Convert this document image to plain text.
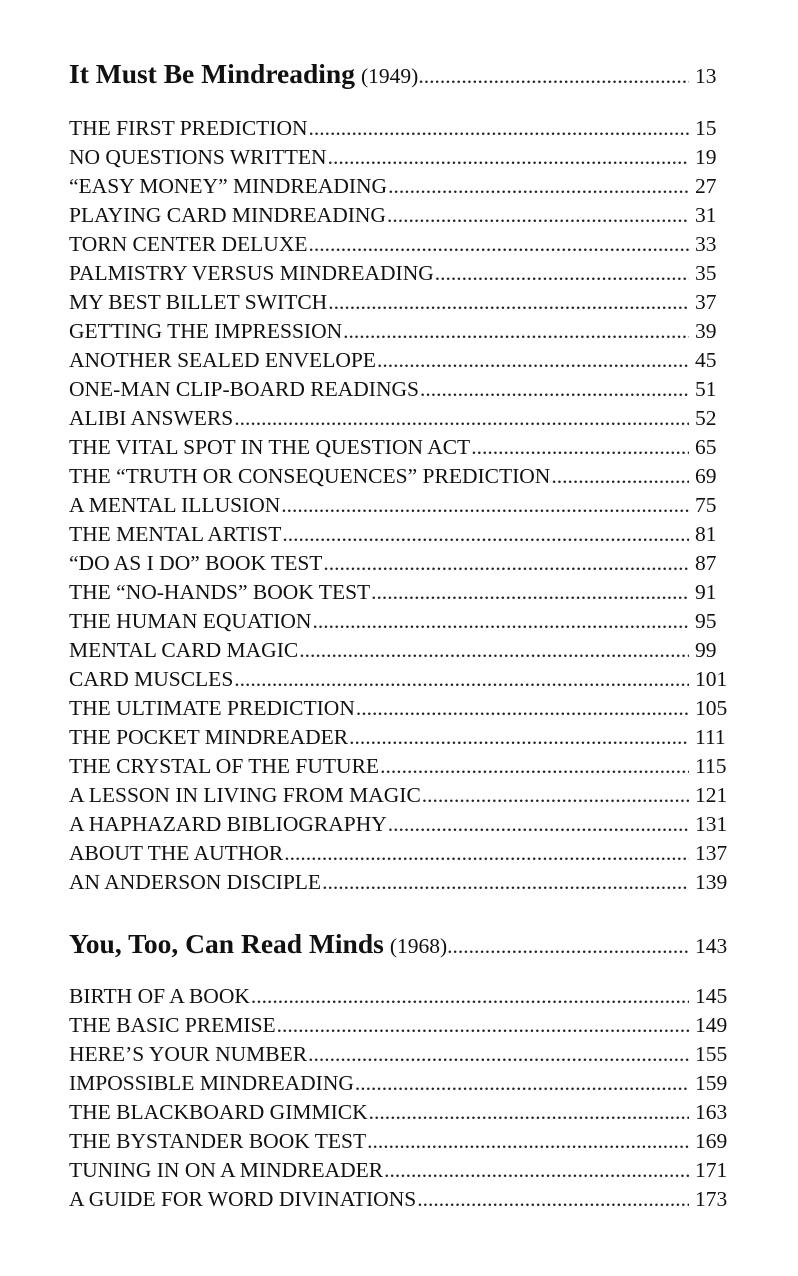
It Must Be Mindreading (1949) .....	13
THE FIRST PREDICTION .....	15
NO QUESTIONS WRITTEN .....	19
“EASY MONEY” MINDREADING .....	27
PLAYING CARD MINDREADING .....	31
TORN CENTER DELUXE .....	33
PALMISTRY VERSUS MINDREADING .....	35
MY BEST BILLET SWITCH .....	37
GETTING THE IMPRESSION .....	39
ANOTHER SEALED ENVELOPE .....	45
ONE-MAN CLIP-BOARD READINGS .....	51
ALIBI ANSWERS .....	52
THE VITAL SPOT IN THE QUESTION ACT .....	65
THE “TRUTH OR CONSEQUENCES” PREDICTION .....	69
A MENTAL ILLUSION .....	75
THE MENTAL ARTIST .....	81
“DO AS I DO” BOOK TEST .....	87
THE “NO-HANDS” BOOK TEST .....	91
THE HUMAN EQUATION .....	95
MENTAL CARD MAGIC .....	99
CARD MUSCLES .....	101
THE ULTIMATE PREDICTION .....	105
THE POCKET MINDREADER .....	111
THE CRYSTAL OF THE FUTURE .....	115
A LESSON IN LIVING FROM MAGIC .....	121
A HAPHAZARD BIBLIOGRAPHY .....	131
ABOUT THE AUTHOR .....	137
AN ANDERSON DISCIPLE .....	139
You, Too, Can Read Minds (1968) .....	143
BIRTH OF A BOOK .....	145
THE BASIC PREMISE .....	149
HERE’S YOUR NUMBER .....	155
IMPOSSIBLE MINDREADING .....	159
THE BLACKBOARD GIMMICK .....	163
THE BYSTANDER BOOK TEST .....	169
TUNING IN ON A MINDREADER .....	171
A GUIDE FOR WORD DIVINATIONS .....	173
